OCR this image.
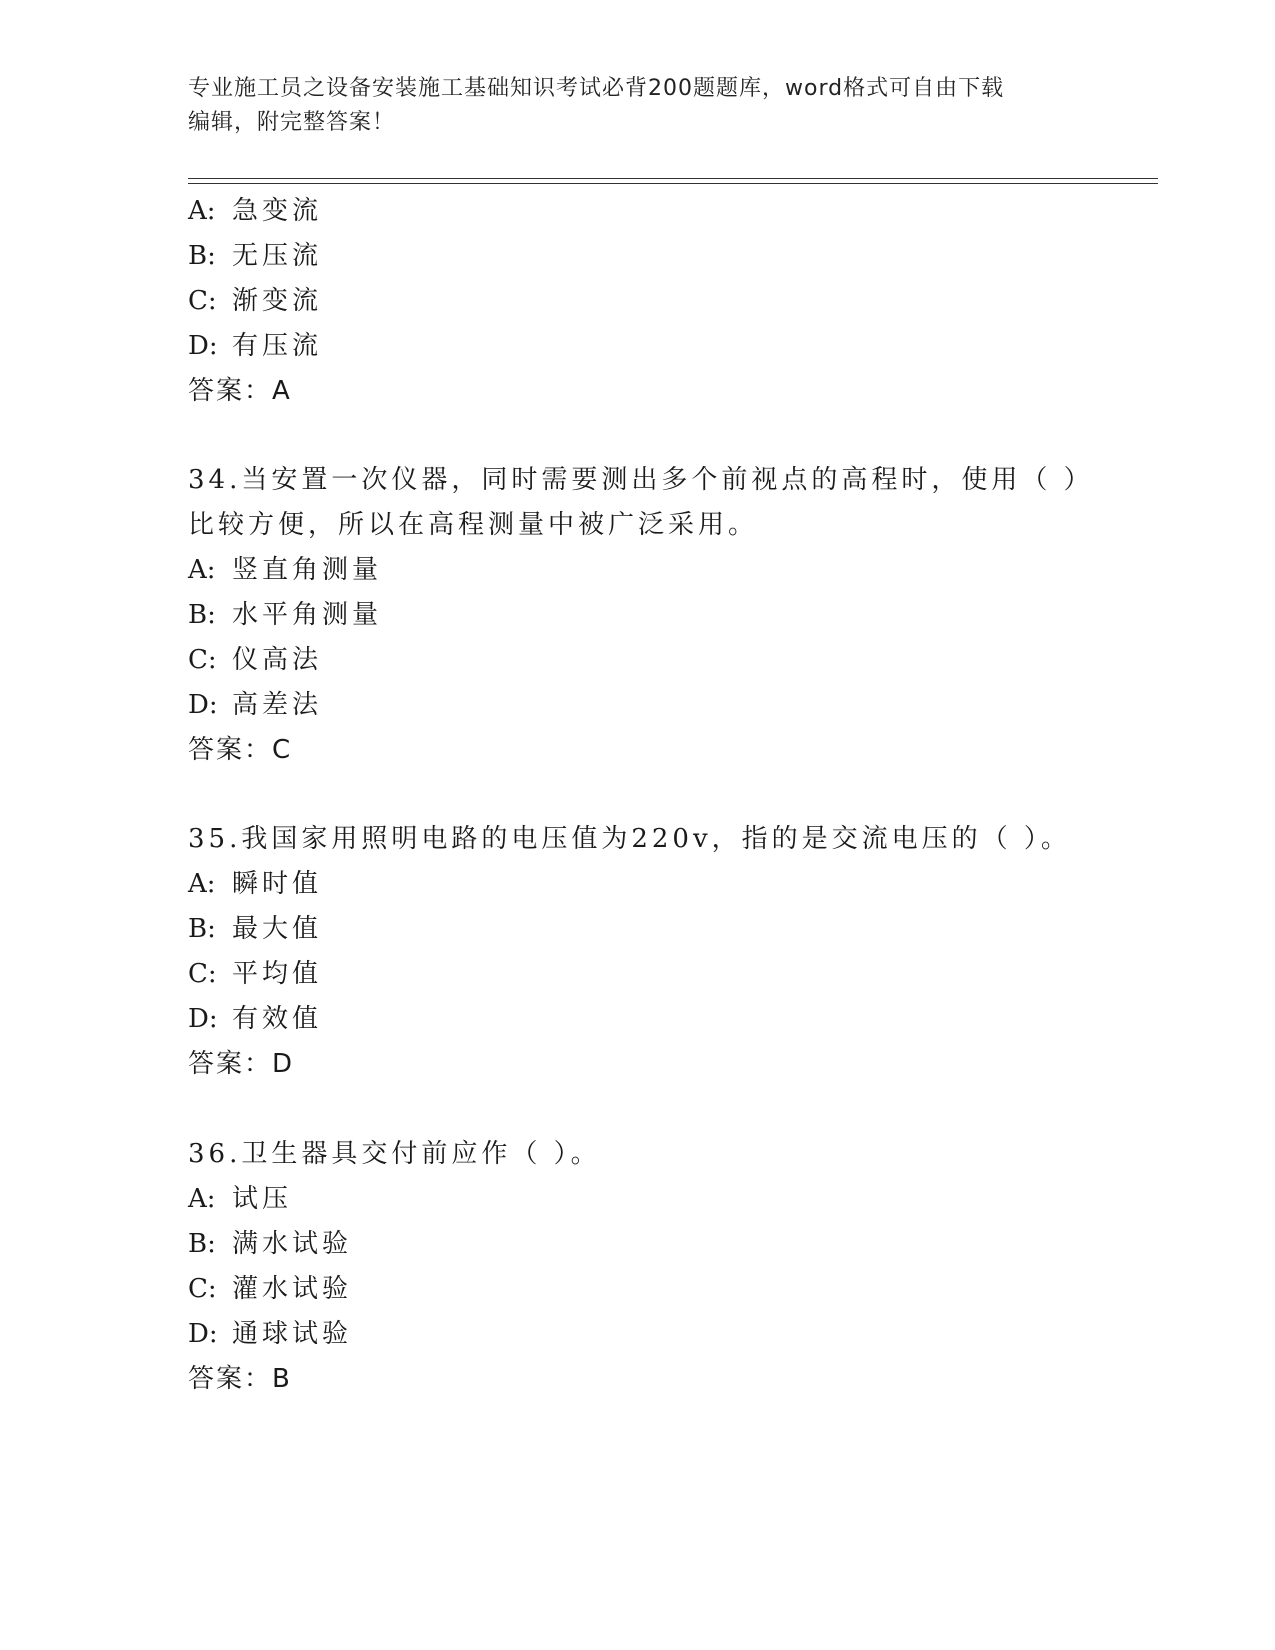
专业施工员之设备安装施工基础知识考试必背200题题库，word格式可自由下载
编辑，附完整答案！
A: 急变流
B: 无压流
C: 渐变流
D: 有压流
答案：A
34.当安置一次仪器，同时需要测出多个前视点的高程时，使用（ ）
比较方便，所以在高程测量中被广泛采用。
A: 竖直角测量
B: 水平角测量
C: 仪高法
D: 高差法
答案：C
35.我国家用照明电路的电压值为220v，指的是交流电压的（ ）。
A: 瞬时值
B: 最大值
C: 平均值
D: 有效值
答案：D
36.卫生器具交付前应作（ ）。
A: 试压
B: 满水试验
C: 灌水试验
D: 通球试验
答案：B
